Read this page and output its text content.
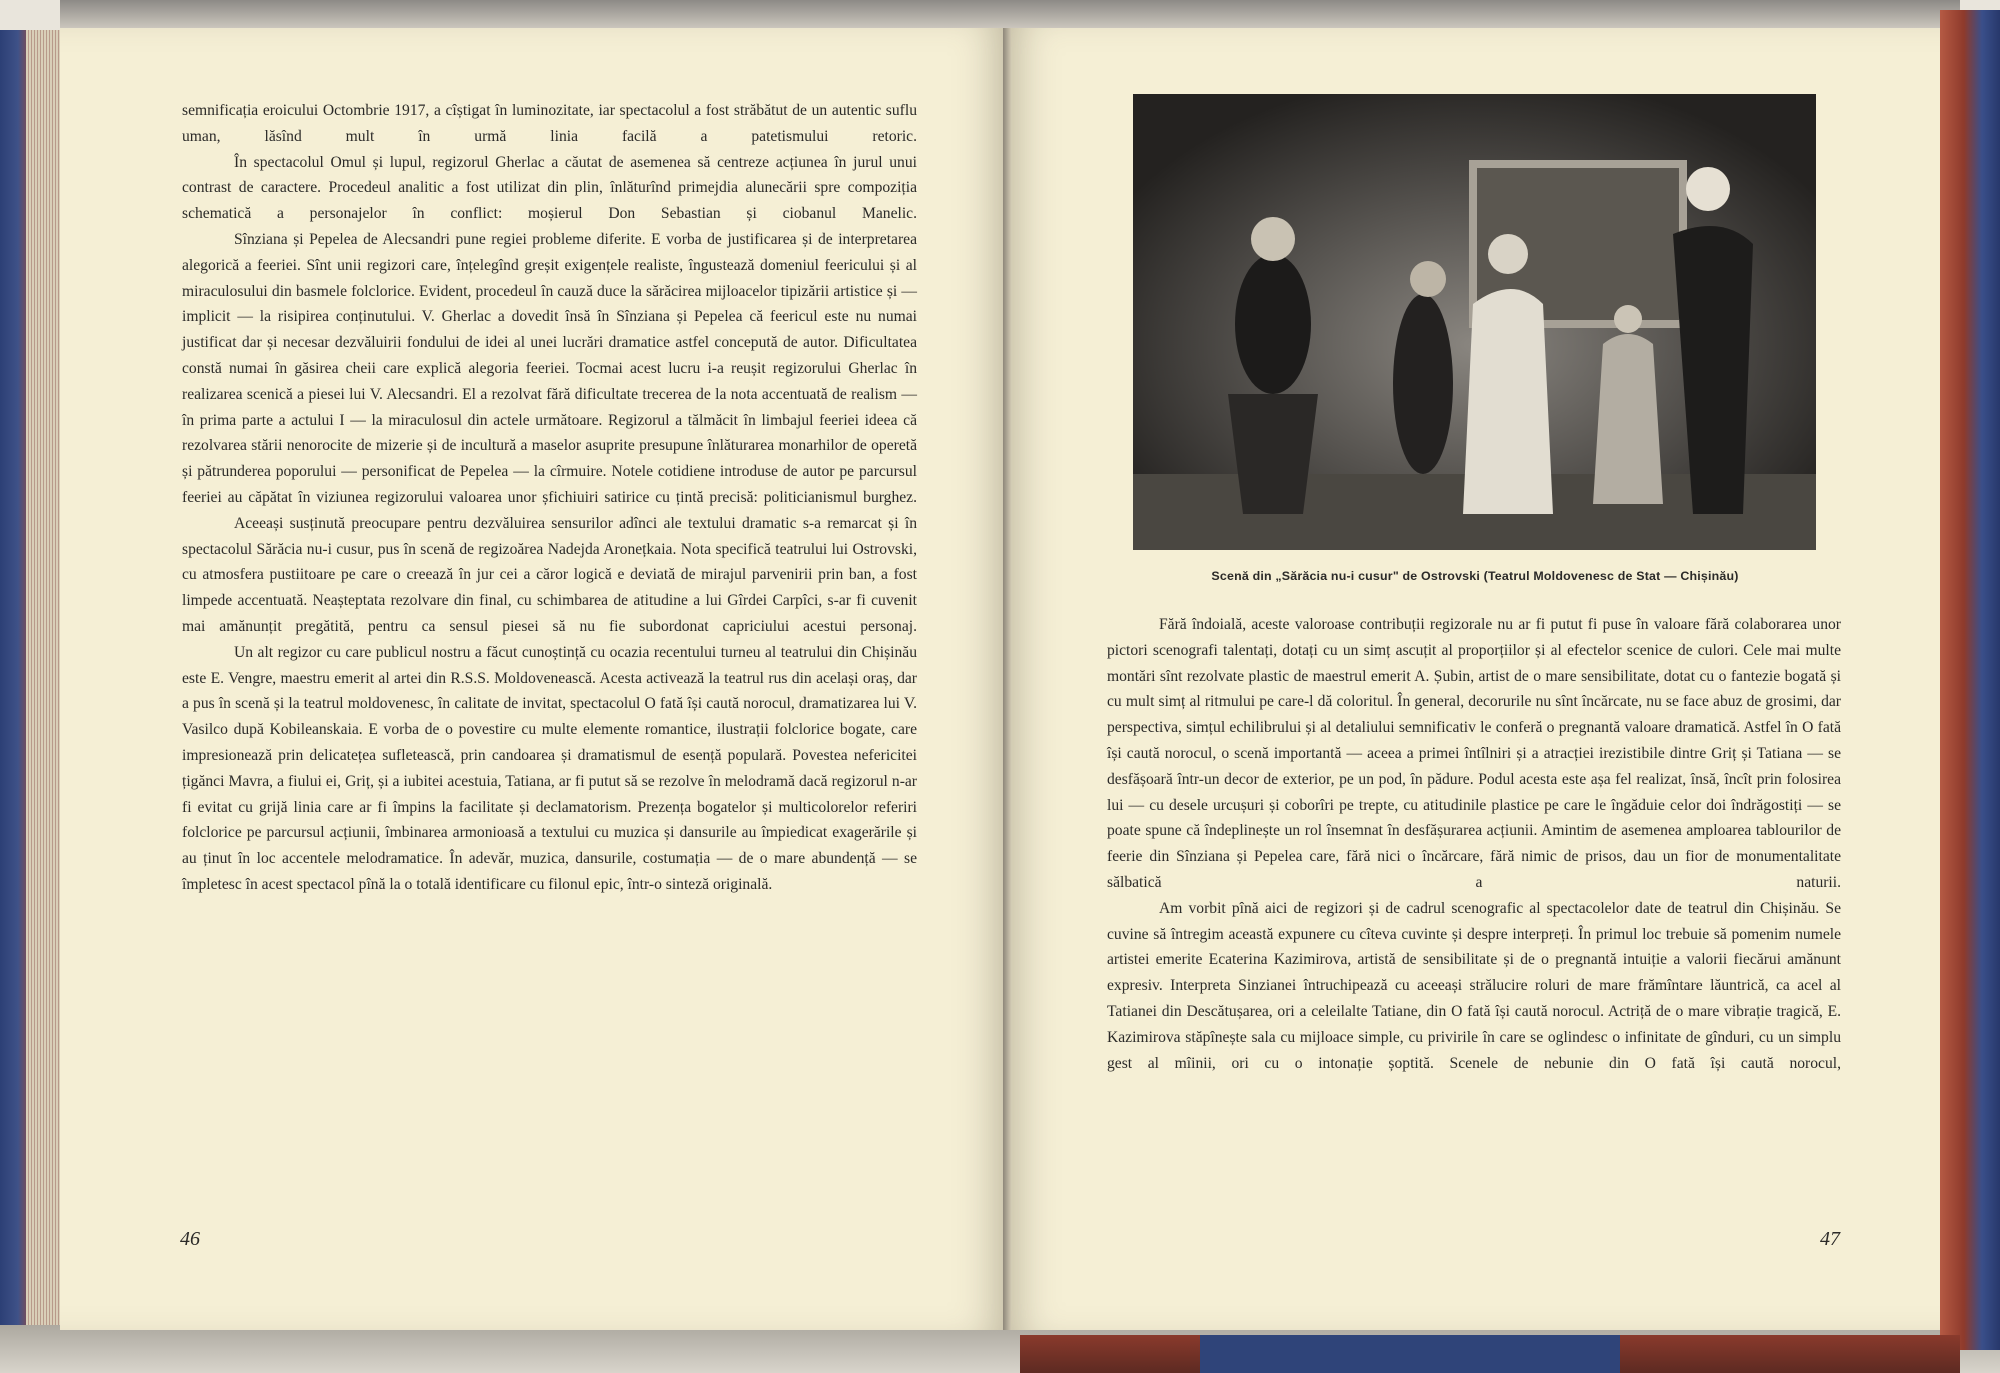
semnificația eroicului Octombrie 1917, a cîștigat în luminozitate, iar spectacolul a fost străbătut de un autentic suflu uman, lăsînd mult în urmă linia facilă a patetismului retoric.

În spectacolul Omul și lupul, regizorul Gherlac a căutat de asemenea să centreze acțiunea în jurul unui contrast de caractere. Procedeul analitic a fost utilizat din plin, înlăturînd primejdia alunecării spre compoziția schematică a personajelor în conflict: moșierul Don Sebastian și ciobanul Manelic.

Sînziana și Pepelea de Alecsandri pune regiei probleme diferite. E vorba de justificarea și de interpretarea alegorică a feeriei. Sînt unii regizori care, înțelegînd greșit exigențele realiste, îngustează domeniul feericului și al miraculosului din basmele folclorice. Evident, procedeul în cauză duce la sărăcirea mijloacelor tipizării artistice și — implicit — la risipirea conținutului. V. Gherlac a dovedit însă în Sînziana și Pepelea că feericul este nu numai justificat dar și necesar dezvăluirii fondului de idei al unei lucrări dramatice astfel concepută de autor. Dificultatea constă numai în găsirea cheii care explică alegoria feeriei. Tocmai acest lucru i-a reușit regizorului Gherlac în realizarea scenică a piesei lui V. Alecsandri. El a rezolvat fără dificultate trecerea de la nota accentuată de realism — în prima parte a actului I — la miraculosul din actele următoare. Regizorul a tălmăcit în limbajul feeriei ideea că rezolvarea stării nenorocite de mizerie și de incultură a maselor asuprite presupune înlăturarea monarhilor de operetă și pătrunderea poporului — personificat de Pepelea — la cîrmuire. Notele cotidiene introduse de autor pe parcursul feeriei au căpătat în viziunea regizorului valoarea unor șfichiuiri satirice cu țintă precisă: politicianismul burghez.

Aceeași susținută preocupare pentru dezvăluirea sensurilor adînci ale textului dramatic s-a remarcat și în spectacolul Sărăcia nu-i cusur, pus în scenă de regizoărea Nadejda Aronețkaia. Nota specifică teatrului lui Ostrovski, cu atmosfera pustiitoare pe care o creează în jur cei a căror logică e deviată de mirajul parvenirii prin ban, a fost limpede accentuată. Neașteptata rezolvare din final, cu schimbarea de atitudine a lui Gîrdei Carpîci, s-ar fi cuvenit mai amănunțit pregătită, pentru ca sensul piesei să nu fie subordonat capriciului acestui personaj.

Un alt regizor cu care publicul nostru a făcut cunoștință cu ocazia recentului turneu al teatrului din Chișinău este E. Vengre, maestru emerit al artei din R.S.S. Moldovenească. Acesta activează la teatrul rus din același oraș, dar a pus în scenă și la teatrul moldovenesc, în calitate de invitat, spectacolul O fată își caută norocul, dramatizarea lui V. Vasilco după Kobileanskaia. E vorba de o povestire cu multe elemente romantice, ilustrații folclorice bogate, care impresionează prin delicatețea sufletească, prin candoarea și dramatismul de esență populară. Povestea nefericitei țigănci Mavra, a fiului ei, Griț, și a iubitei acestuia, Tatiana, ar fi putut să se rezolve în melodramă dacă regizorul n-ar fi evitat cu grijă linia care ar fi împins la facilitate și declamatorism. Prezența bogatelor și multicolorelor referiri folclorice pe parcursul acțiunii, îmbinarea armonioasă a textului cu muzica și dansurile au împiedicat exagerările și au ținut în loc accentele melodramatice. În adevăr, muzica, dansurile, costumația — de o mare abundență — se împletesc în acest spectacol pînă la o totală identificare cu filonul epic, într-o sinteză originală.

46
Scenă din „Sărăcia nu-i cusur" de Ostrovski (Teatrul Moldovenesc de Stat — Chișinău)

Fără îndoială, aceste valoroase contribuții regizorale nu ar fi putut fi puse în valoare fără colaborarea unor pictori scenografi talentați, dotați cu un simț ascuțit al proporțiilor și al efectelor scenice de culori. Cele mai multe montări sînt rezolvate plastic de maestrul emerit A. Șubin, artist de o mare sensibilitate, dotat cu o fantezie bogată și cu mult simț al ritmului pe care-l dă coloritul. În general, decorurile nu sînt încărcate, nu se face abuz de grosimi, dar perspectiva, simțul echilibrului și al detaliului semnificativ le conferă o pregnantă valoare dramatică. Astfel în O fată își caută norocul, o scenă importantă — aceea a primei întîlniri și a atracției irezistibile dintre Griț și Tatiana — se desfășoară într-un decor de exterior, pe un pod, în pădure. Podul acesta este așa fel realizat, însă, încît prin folosirea lui — cu desele urcușuri și coborîri pe trepte, cu atitudinile plastice pe care le îngăduie celor doi îndrăgostiți — se poate spune că îndeplinește un rol însemnat în desfășurarea acțiunii. Amintim de asemenea amploarea tablourilor de feerie din Sînziana și Pepelea care, fără nici o încărcare, fără nimic de prisos, dau un fior de monumentalitate sălbatică a naturii.

Am vorbit pînă aici de regizori și de cadrul scenografic al spectacolelor date de teatrul din Chișinău. Se cuvine să întregim această expunere cu cîteva cuvinte și despre interpreți. În primul loc trebuie să pomenim numele artistei emerite Ecaterina Kazimirova, artistă de sensibilitate și de o pregnantă intuiție a valorii fiecărui amănunt expresiv. Interpreta Sinzianei întruchipează cu aceeași strălucire roluri de mare frămîntare lăuntrică, ca acel al Tatianei din Descătușarea, ori a celeilalte Tatiane, din O fată își caută norocul. Actriță de o mare vibrație tragică, E. Kazimirova stăpînește sala cu mijloace simple, cu privirile în care se oglindesc o infinitate de gînduri, cu un simplu gest al mîinii, ori cu o intonație șoptită. Scenele de nebunie din O fată își caută norocul,

47
